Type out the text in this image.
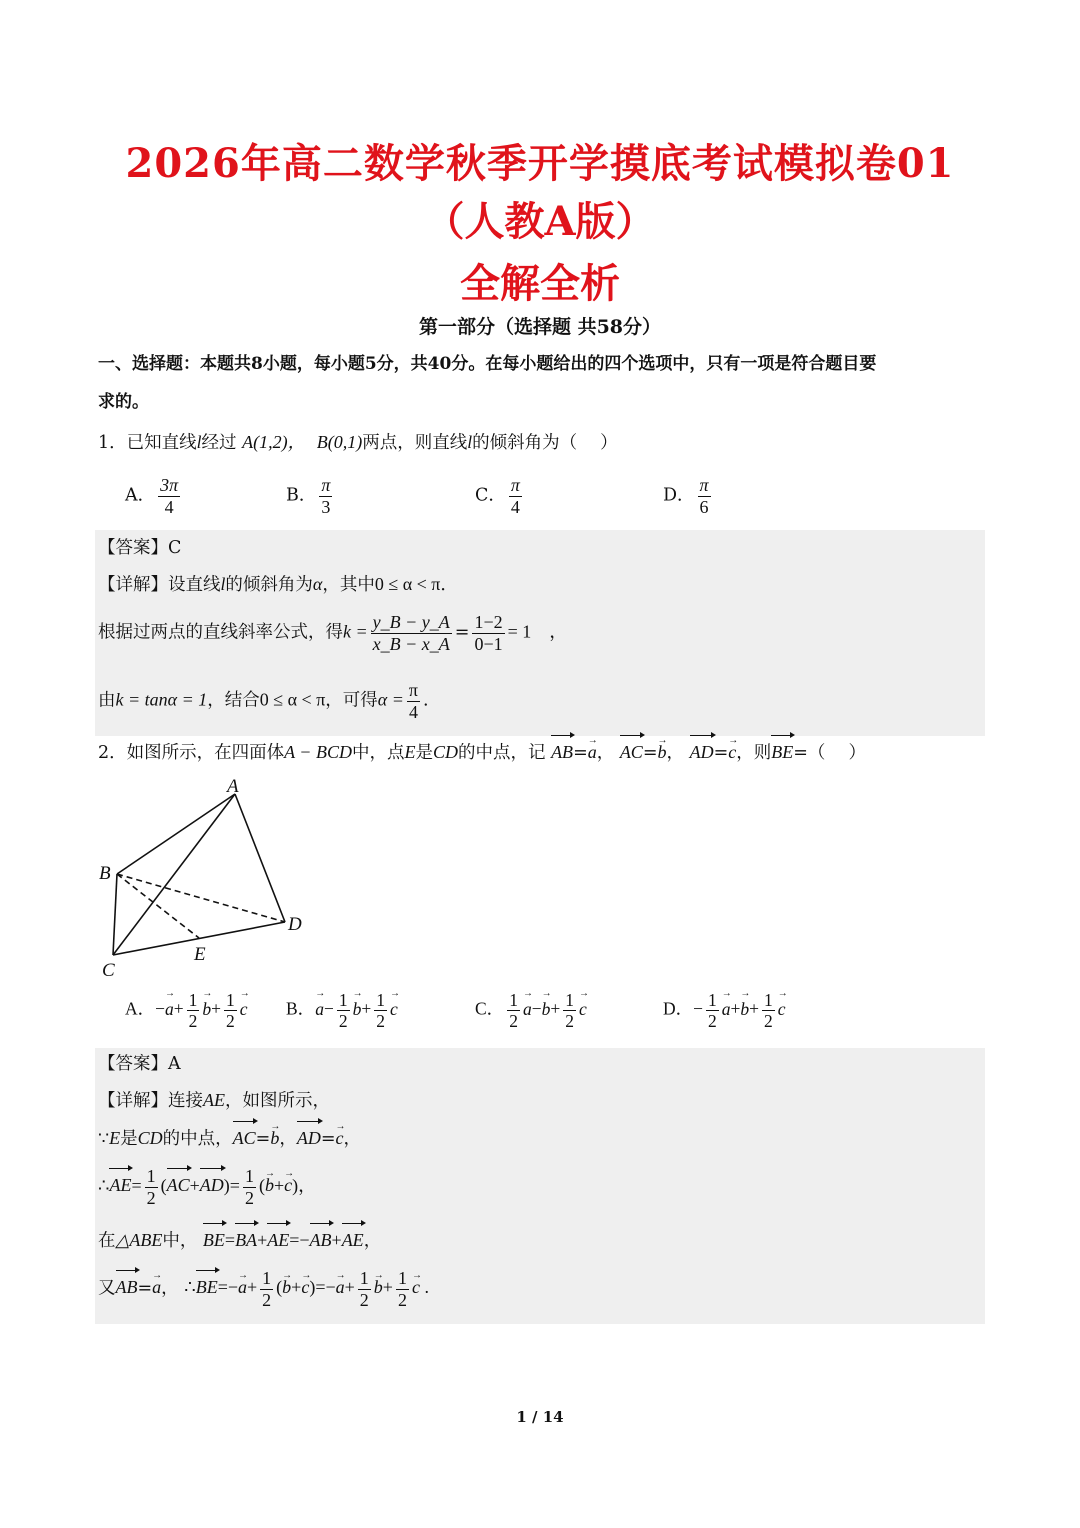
2026年高二数学秋季开学摸底考试模拟卷01
（人教A版）
全解全析
第一部分（选择题 共58分）
一、选择题：本题共8小题，每小题5分，共40分。在每小题给出的四个选项中，只有一项是符合题目要
求的。
1．已知直线l经过 A(1,2)， B(0,1)两点，则直线l的倾斜角为（　 ）
A． $\frac{3\pi}{4}$	B． $\frac{\pi}{3}$	C． $\frac{\pi}{4}$	D． $\frac{\pi}{6}$
【答案】C
【详解】设直线l的倾斜角为α，其中0 ≤ α < π．
根据过两点的直线斜率公式，得$k = \frac{y\_B - y\_A}{x\_B - x\_A} = \frac{1-2}{0-1} = 1$　，
由k = tanα = 1，结合0 ≤ α < π，可得$\alpha = \frac{\pi}{4}$ .
2．如图所示，在四面体A − BCD中，点E是CD的中点，记 AB=a →， AC=b →， AD=c →，则BE=（　 ）
A
B
C
D
E
A．$-a \to+ \frac{1}{2}$ $b \to+ \frac{1}{2}$ c → B．$a \to- \frac{1}{2}$ $b \to+ \frac{1}{2}$ c →	C． $\frac{1}{2}$ $a \to-b \to+ \frac{1}{2}$ c →	D．− $\frac{1}{2}$ $a \to+b \to+ \frac{1}{2}$ c →
【答案】A
【详解】连接AE，如图所示，
∵E是CD的中点，AC=b →，AD=c →，
∴AE= $\frac{1}{2} (AC+AD)= \frac{1}{2} (b \to+c$ →)，
在△ABE中， BE=BA+AE=−AB+AE，
又AB=a →， ∴BE=−a →+ $\frac{1}{2} (b \to+c \to)=-a \to+ \frac{1}{2}$ $b \to+ \frac{1}{2}$ c → .
1 / 14
